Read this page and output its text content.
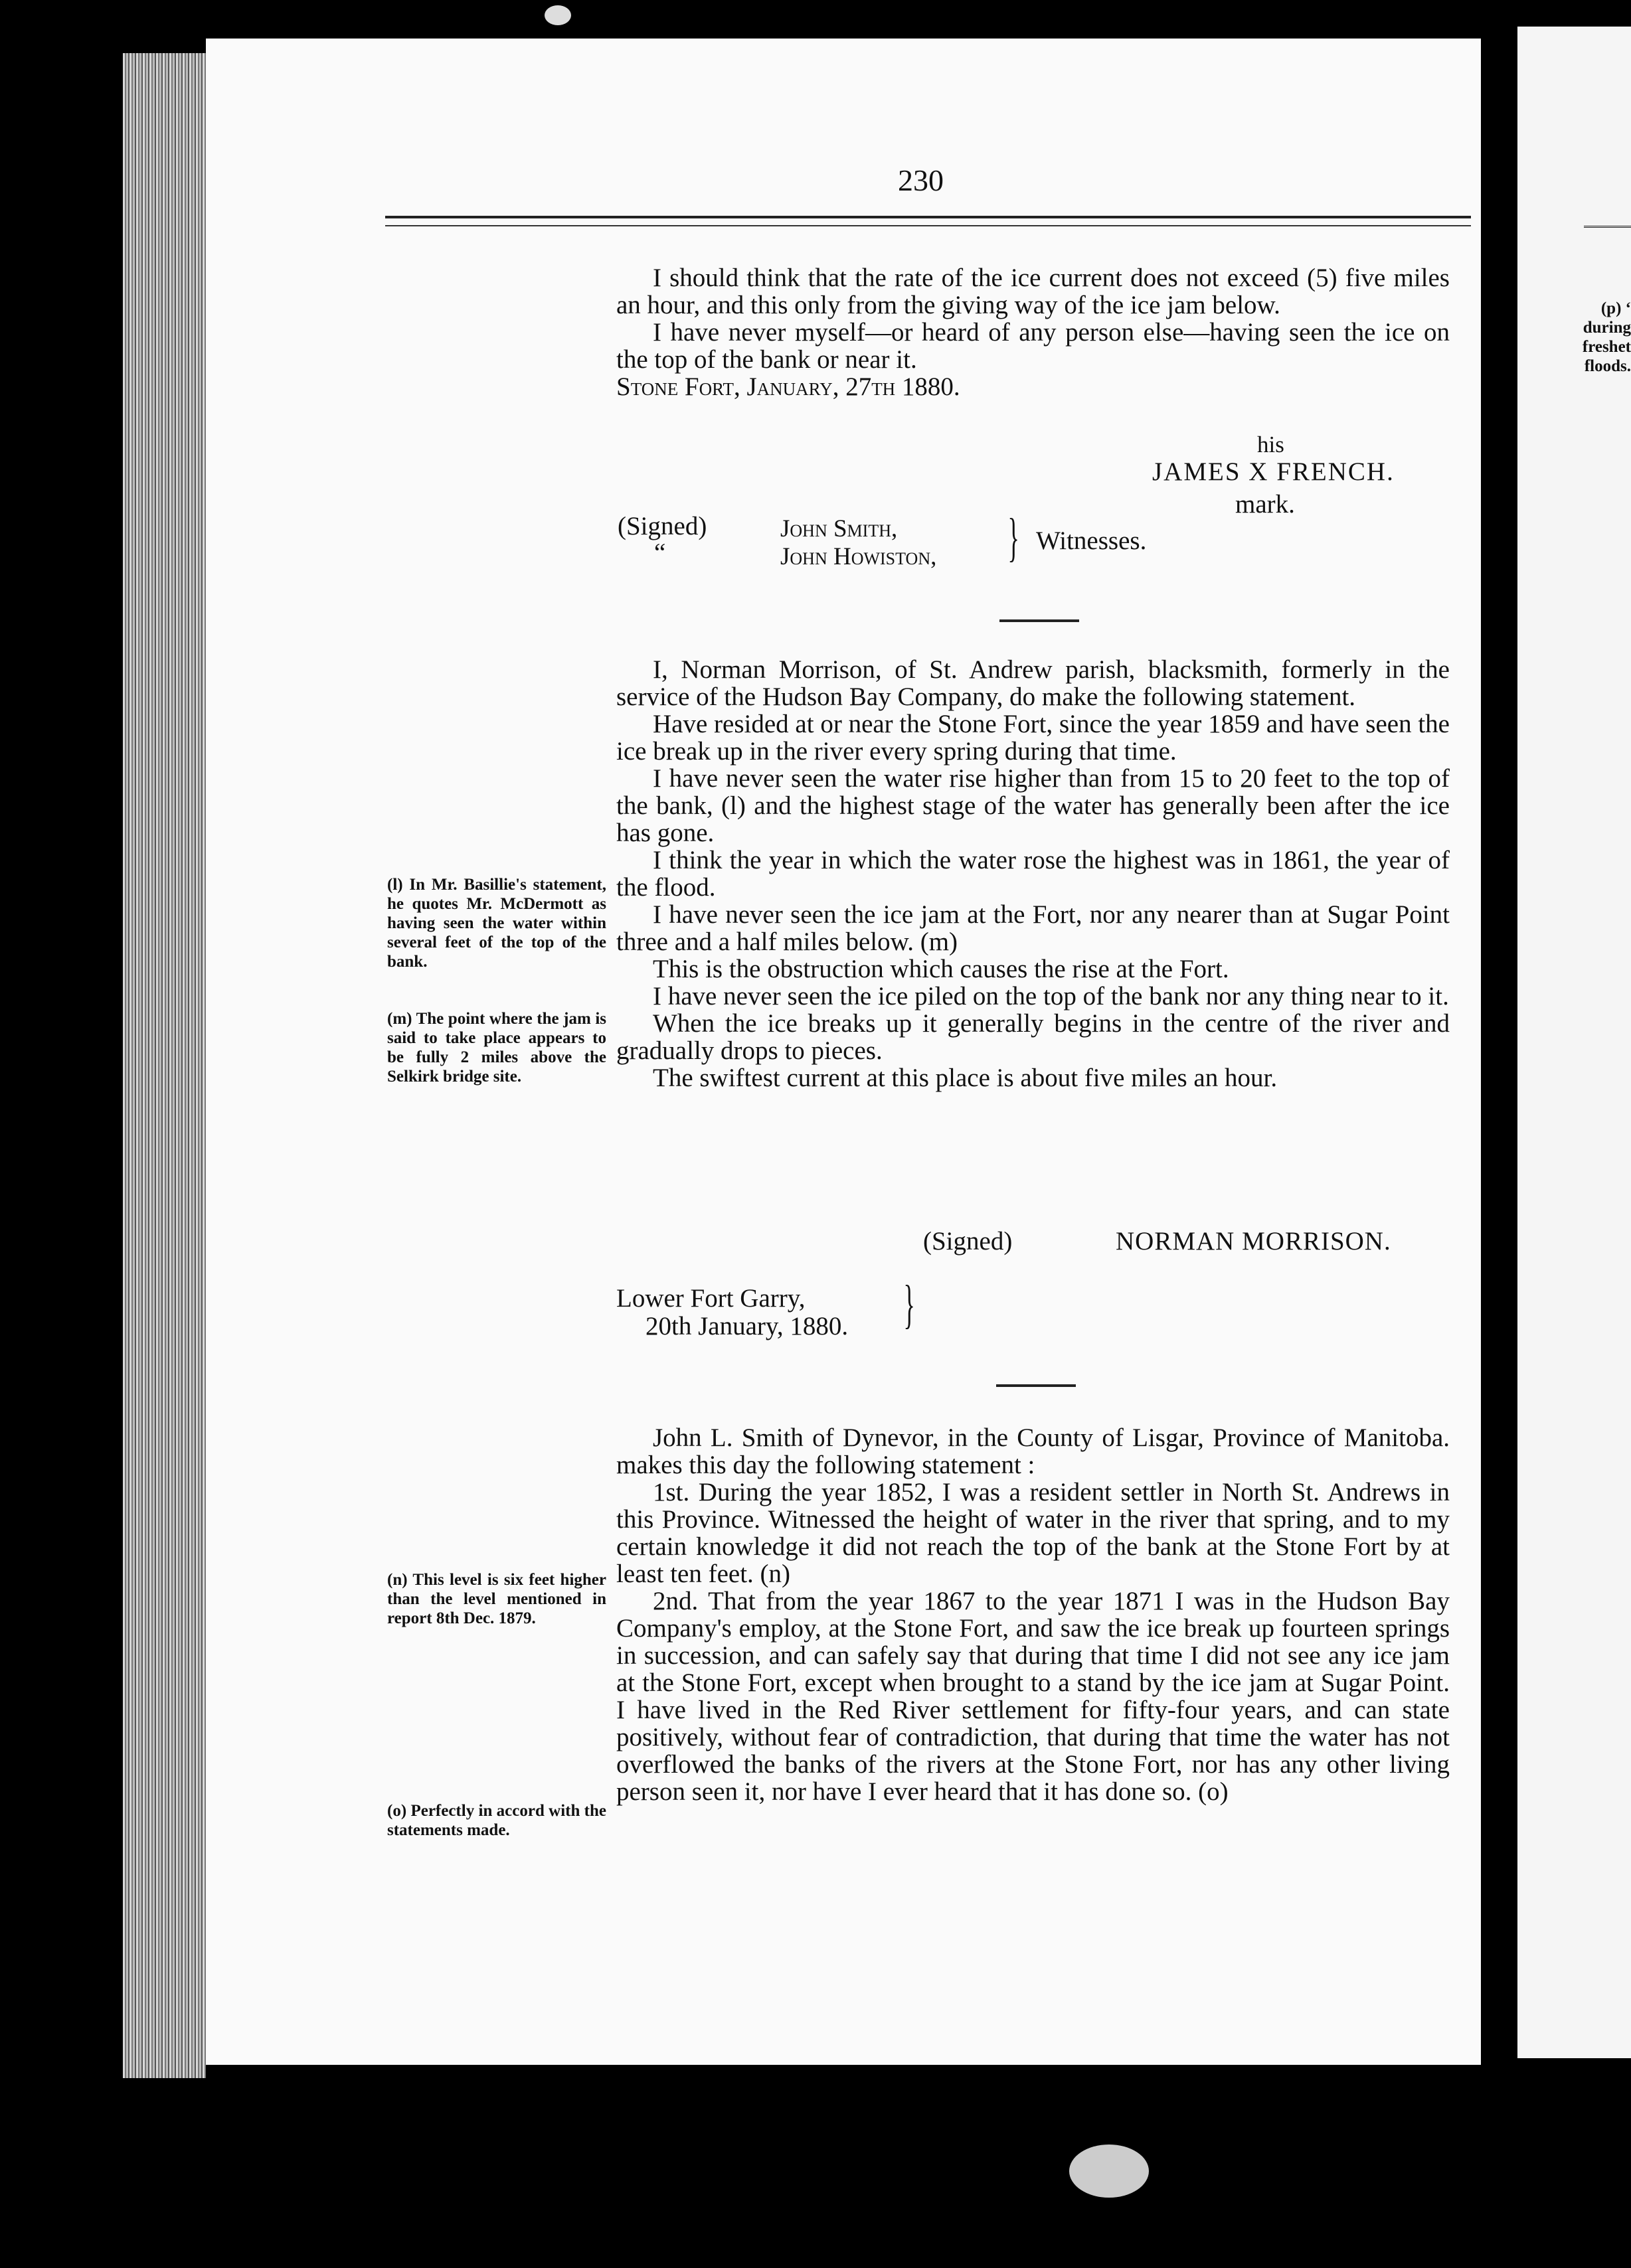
(p) ‘
during
freshet
floods.
230

I should think that the rate of the ice current does not exceed (5) five miles an hour, and this only from the giving way of the ice jam below.

I have never myself—or heard of any person else—having seen the ice on the top of the bank or near it.

Stone Fort, January, 27th 1880.

his
JAMES X FRENCH.
mark.
(Signed)
“
John Smith,
John Howiston, } Witnesses.

I, Norman Morrison, of St. Andrew parish, blacksmith, formerly in the service of the Hudson Bay Company, do make the following statement.

Have resided at or near the Stone Fort, since the year 1859 and have seen the ice break up in the river every spring during that time.

I have never seen the water rise higher than from 15 to 20 feet to the top of the bank, (l) and the highest stage of the water has generally been after the ice has gone.

I think the year in which the water rose the highest was in 1861, the year of the flood.

I have never seen the ice jam at the Fort, nor any nearer than at Sugar Point three and a half miles below. (m)

This is the obstruction which causes the rise at the Fort.

I have never seen the ice piled on the top of the bank nor any thing near to it.

When the ice breaks up it generally begins in the centre of the river and gradually drops to pieces.

The swiftest current at this place is about five miles an hour.

(Signed)	NORMAN MORRISON.
Lower Fort Garry,
20th January, 1880. }

John L. Smith of Dynevor, in the County of Lisgar, Province of Manitoba. makes this day the following statement :

1st. During the year 1852, I was a resident settler in North St. Andrews in this Province. Witnessed the height of water in the river that spring, and to my certain knowledge it did not reach the top of the bank at the Stone Fort by at least ten feet. (n)

2nd. That from the year 1867 to the year 1871 I was in the Hudson Bay Company's employ, at the Stone Fort, and saw the ice break up fourteen springs in succession, and can safely say that during that time I did not see any ice jam at the Stone Fort, except when brought to a stand by the ice jam at Sugar Point. I have lived in the Red River settlement for fifty-four years, and can state positively, without fear of contradiction, that during that time the water has not overflowed the banks of the rivers at the Stone Fort, nor has any other living person seen it, nor have I ever heard that it has done so. (o)

(l) In Mr. Basillie's statement, he quotes Mr. McDermott as having seen the water within several feet of the top of the bank.
(m) The point where the jam is said to take place appears to be fully 2 miles above the Selkirk bridge site.
(n) This level is six feet higher than the level mentioned in report 8th Dec. 1879.
(o) Perfectly in accord with the statements made.
